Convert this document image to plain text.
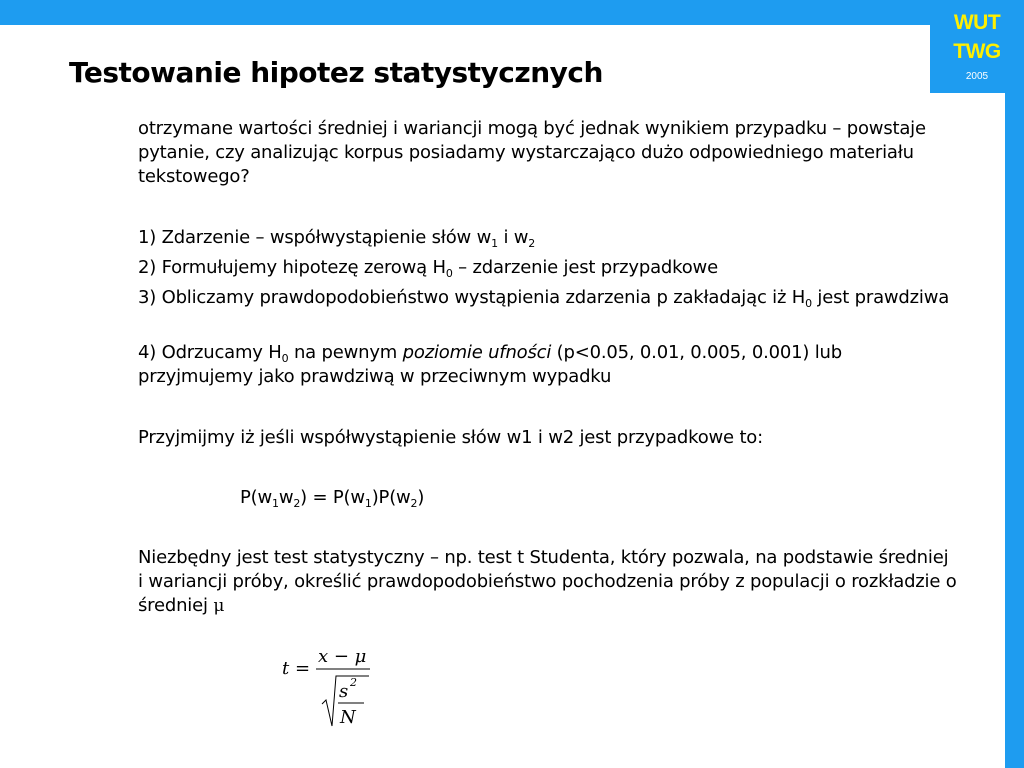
WUT
TWG
2005
Testowanie hipotez statystycznych

otrzymane wartości średniej i wariancji mogą być jednak wynikiem przypadku – powstaje pytanie, czy analizując korpus posiadamy wystarczająco dużo odpowiedniego materiału tekstowego?

1) Zdarzenie – współwystąpienie słów $w_1$ i $w_2$

2) Formułujemy hipotezę zerową $H_0$ – zdarzenie jest przypadkowe

3) Obliczamy prawdopodobieństwo wystąpienia zdarzenia p zakładając iż $H_0$ jest prawdziwa

4) Odrzucamy $H_0$ na pewnym poziomie ufności (p<0.05, 0.01, 0.005, 0.001) lub przyjmujemy jako prawdziwą w przeciwnym wypadku

Przyjmijmy iż jeśli współwystąpienie słów w1 i w2 jest przypadkowe to:

$P(w_1w_2) = P(w_1)P(w_2)$

Niezbędny jest test statystyczny – np. test t Studenta, który pozwala, na podstawie średniej i wariancji próby, określić prawdopodobieństwo pochodzenia próby z populacji o rozkładzie o średniej μ

t =
x − μ
s 2
N
